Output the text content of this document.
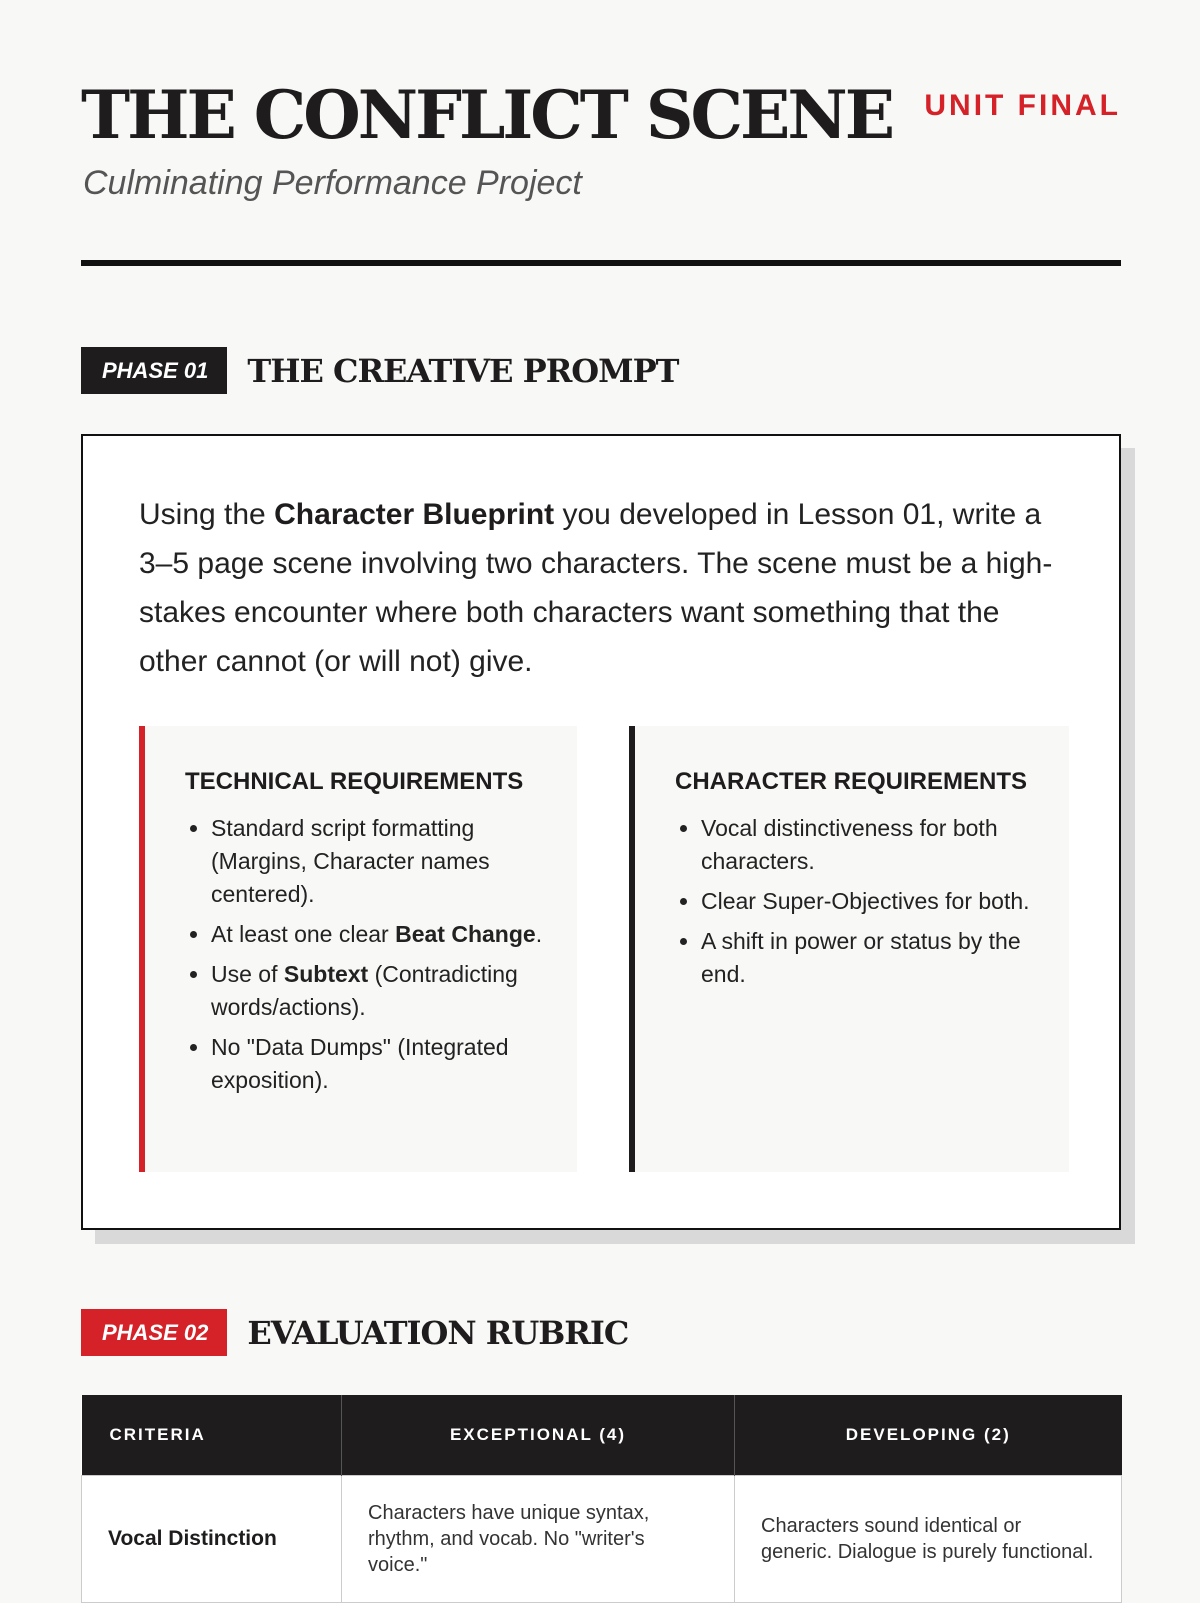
THE CONFLICT SCENE UNIT FINAL
Culminating Performance Project
PHASE 01	THE CREATIVE PROMPT

Using the Character Blueprint you developed in Lesson 01, write a 3–5 page scene involving two characters. The scene must be a high-stakes encounter where both characters want something that the other cannot (or will not) give.

TECHNICAL REQUIREMENTS
• Standard script formatting (Margins, Character names centered).
• At least one clear Beat Change.
• Use of Subtext (Contradicting words/actions).
• No "Data Dumps" (Integrated exposition).
CHARACTER REQUIREMENTS
• Vocal distinctiveness for both characters.
• Clear Super-Objectives for both.
• A shift in power or status by the end.
PHASE 02	EVALUATION RUBRIC
CRITERIA	EXCEPTIONAL (4)	DEVELOPING (2)
Vocal Distinction	Characters have unique syntax, rhythm, and vocab. No "writer's voice."	Characters sound identical or generic. Dialogue is purely functional.
